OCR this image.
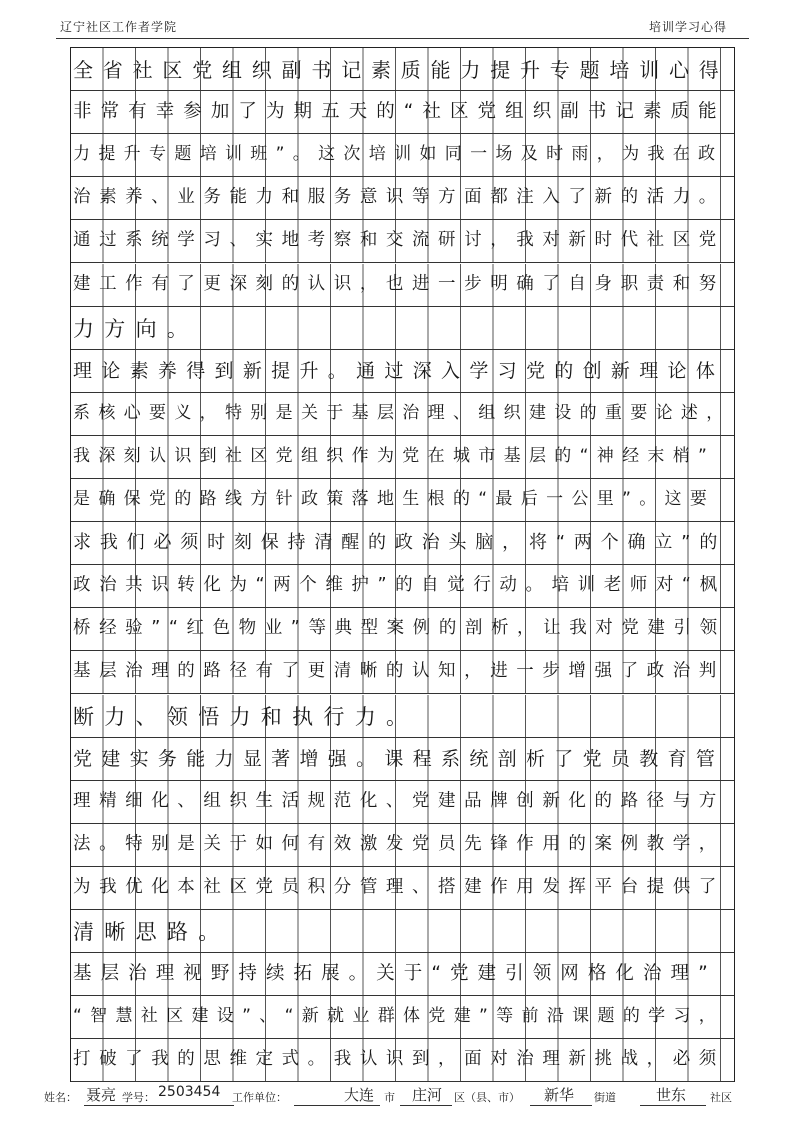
辽宁社区工作者学院	培训学习心得
全省社区党组织副书记素质能力提升专题培训心得
非常有幸参加了为期五天的“社区党组织副书记素质能
力提升专题培训班”。这次培训如同一场及时雨，为我在政
治素养、业务能力和服务意识等方面都注入了新的活力。
通过系统学习、实地考察和交流研讨，我对新时代社区党
建工作有了更深刻的认识，也进一步明确了自身职责和努
力方向。
理论素养得到新提升。通过深入学习党的创新理论体
系核心要义，特别是关于基层治理、组织建设的重要论述，
我深刻认识到社区党组织作为党在城市基层的“神经末梢”
是确保党的路线方针政策落地生根的“最后一公里”。这要
求我们必须时刻保持清醒的政治头脑，将“两个确立”的
政治共识转化为“两个维护”的自觉行动。培训老师对“枫
桥经验”“红色物业”等典型案例的剖析，让我对党建引领
基层治理的路径有了更清晰的认知，进一步增强了政治判
断力、领悟力和执行力。
党建实务能力显著增强。课程系统剖析了党员教育管
理精细化、组织生活规范化、党建品牌创新化的路径与方
法。特别是关于如何有效激发党员先锋作用的案例教学，
为我优化本社区党员积分管理、搭建作用发挥平台提供了
清晰思路。
基层治理视野持续拓展。关于“党建引领网格化治理”
“智慧社区建设”、“新就业群体党建”等前沿课题的学习，
打破了我的思维定式。我认识到，面对治理新挑战，必须
姓名： 聂亮 学号： 2503454 工作单位：	大连 市 庄河 区（县、市） 新华 街道	世东 社区
